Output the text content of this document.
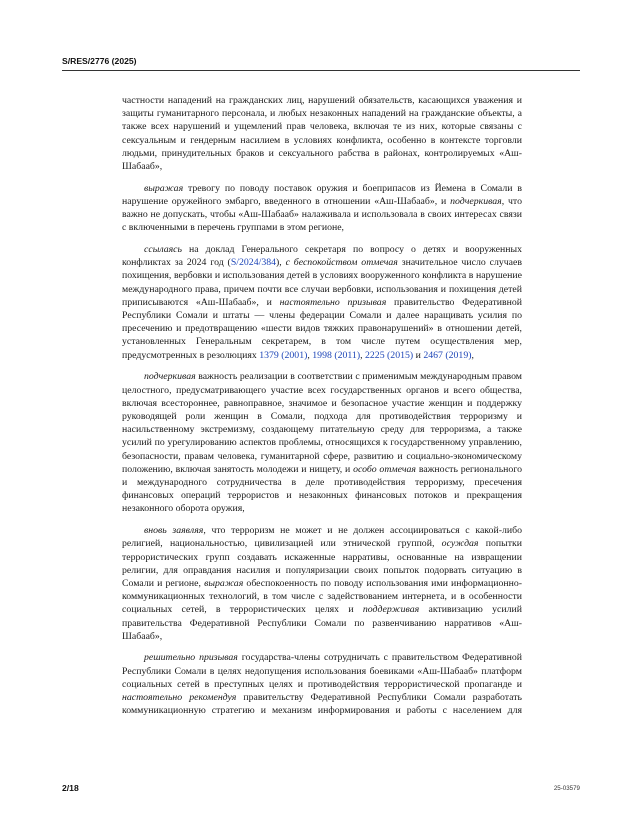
S/RES/2776 (2025)

частности нападений на гражданских лиц, нарушений обязательств, касающихся уважения и защиты гуманитарного персонала, и любых незаконных нападений на гражданские объекты, а также всех нарушений и ущемлений прав человека, включая те из них, которые связаны с сексуальным и гендерным насилием в условиях конфликта, особенно в контексте торговли людьми, принудительных браков и сексуального рабства в районах, контролируемых «Аш-Шабааб»,

выражая тревогу по поводу поставок оружия и боеприпасов из Йемена в Сомали в нарушение оружейного эмбарго, введенного в отношении «Аш-Шабааб», и подчеркивая, что важно не допускать, чтобы «Аш-Шабааб» налаживала и использовала в своих интересах связи с включенными в перечень группами в этом регионе,

ссылаясь на доклад Генерального секретаря по вопросу о детях и вооруженных конфликтах за 2024 год (S/2024/384), с беспокойством отмечая значительное число случаев похищения, вербовки и использования детей в условиях вооруженного конфликта в нарушение международного права, причем почти все случаи вербовки, использования и похищения детей приписываются «Аш-Шабааб», и настоятельно призывая правительство Федеративной Республики Сомали и штаты — члены федерации Сомали и далее наращивать усилия по пресечению и предотвращению «шести видов тяжких правонарушений» в отношении детей, установленных Генеральным секретарем, в том числе путем осуществления мер, предусмотренных в резолюциях 1379 (2001), 1998 (2011), 2225 (2015) и 2467 (2019),

подчеркивая важность реализации в соответствии с применимым международным правом целостного, предусматривающего участие всех государственных органов и всего общества, включая всестороннее, равноправное, значимое и безопасное участие женщин и поддержку руководящей роли женщин в Сомали, подхода для противодействия терроризму и насильственному экстремизму, создающему питательную среду для терроризма, а также усилий по урегулированию аспектов проблемы, относящихся к государственному управлению, безопасности, правам человека, гуманитарной сфере, развитию и социально-экономическому положению, включая занятость молодежи и нищету, и особо отмечая важность регионального и международного сотрудничества в деле противодействия терроризму, пресечения финансовых операций террористов и незаконных финансовых потоков и прекращения незаконного оборота оружия,

вновь заявляя, что терроризм не может и не должен ассоциироваться с какой-либо религией, национальностью, цивилизацией или этнической группой, осуждая попытки террористических групп создавать искаженные нарративы, основанные на извращении религии, для оправдания насилия и популяризации своих попыток подорвать ситуацию в Сомали и регионе, выражая обеспокоенность по поводу использования ими информационно-коммуникационных технологий, в том числе с задействованием интернета, и в особенности социальных сетей, в террористических целях и поддерживая активизацию усилий правительства Федеративной Республики Сомали по развенчиванию нарративов «Аш-Шабааб»,

решительно призывая государства-члены сотрудничать с правительством Федеративной Республики Сомали в целях недопущения использования боевиками «Аш-Шабааб» платформ социальных сетей в преступных целях и противодействия террористической пропаганде и настоятельно рекомендуя правительству Федеративной Республики Сомали разработать коммуникационную стратегию и механизм информирования и работы с населением для

2/18	25-03579
